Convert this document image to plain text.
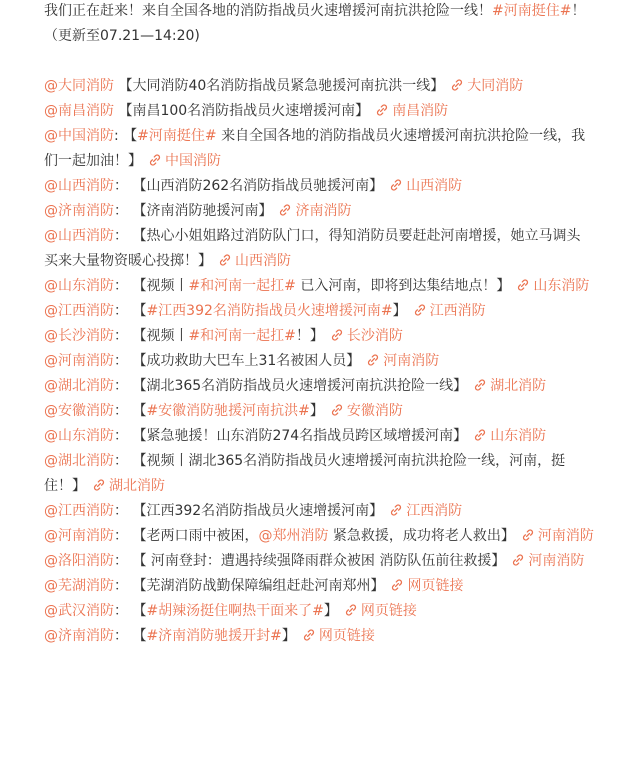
我们正在赶来！来自全国各地的消防指战员火速增援河南抗洪抢险一线！#河南挺住#！ （更新至07.21—14:20)

@大同消防 【大同消防40名消防指战员紧急驰援河南抗洪一线】 大同消防

@南昌消防 【南昌100名消防指战员火速增援河南】 南昌消防

@中国消防: 【#河南挺住# 来自全国各地的消防指战员火速增援河南抗洪抢险一线，我们一起加油！】 中国消防

@山西消防： 【山西消防262名消防指战员驰援河南】 山西消防

@济南消防： 【济南消防驰援河南】 济南消防

@山西消防： 【热心小姐姐路过消防队门口，得知消防员要赶赴河南增援，她立马调头买来大量物资暖心投掷！】 山西消防

@山东消防： 【视频丨#和河南一起扛# 已入河南，即将到达集结地点！】 山东消防

@江西消防： 【#江西392名消防指战员火速增援河南#】 江西消防

@长沙消防： 【视频丨#和河南一起扛#！】 长沙消防

@河南消防： 【成功救助大巴车上31名被困人员】 河南消防

@湖北消防： 【湖北365名消防指战员火速增援河南抗洪抢险一线】 湖北消防

@安徽消防： 【#安徽消防驰援河南抗洪#】 安徽消防

@山东消防： 【紧急驰援！山东消防274名指战员跨区域增援河南】 山东消防

@湖北消防： 【视频丨湖北365名消防指战员火速增援河南抗洪抢险一线，河南，挺住！】 湖北消防

@江西消防： 【江西392名消防指战员火速增援河南】 江西消防

@河南消防： 【老两口雨中被困，@郑州消防 紧急救援，成功将老人救出】 河南消防

@洛阳消防： 【 河南登封：遭遇持续强降雨群众被困 消防队伍前往救援】 河南消防

@芜湖消防： 【芜湖消防战勤保障编组赶赴河南郑州】 网页链接

@武汉消防： 【#胡辣汤挺住啊热干面来了#】 网页链接

@济南消防： 【#济南消防驰援开封#】 网页链接
